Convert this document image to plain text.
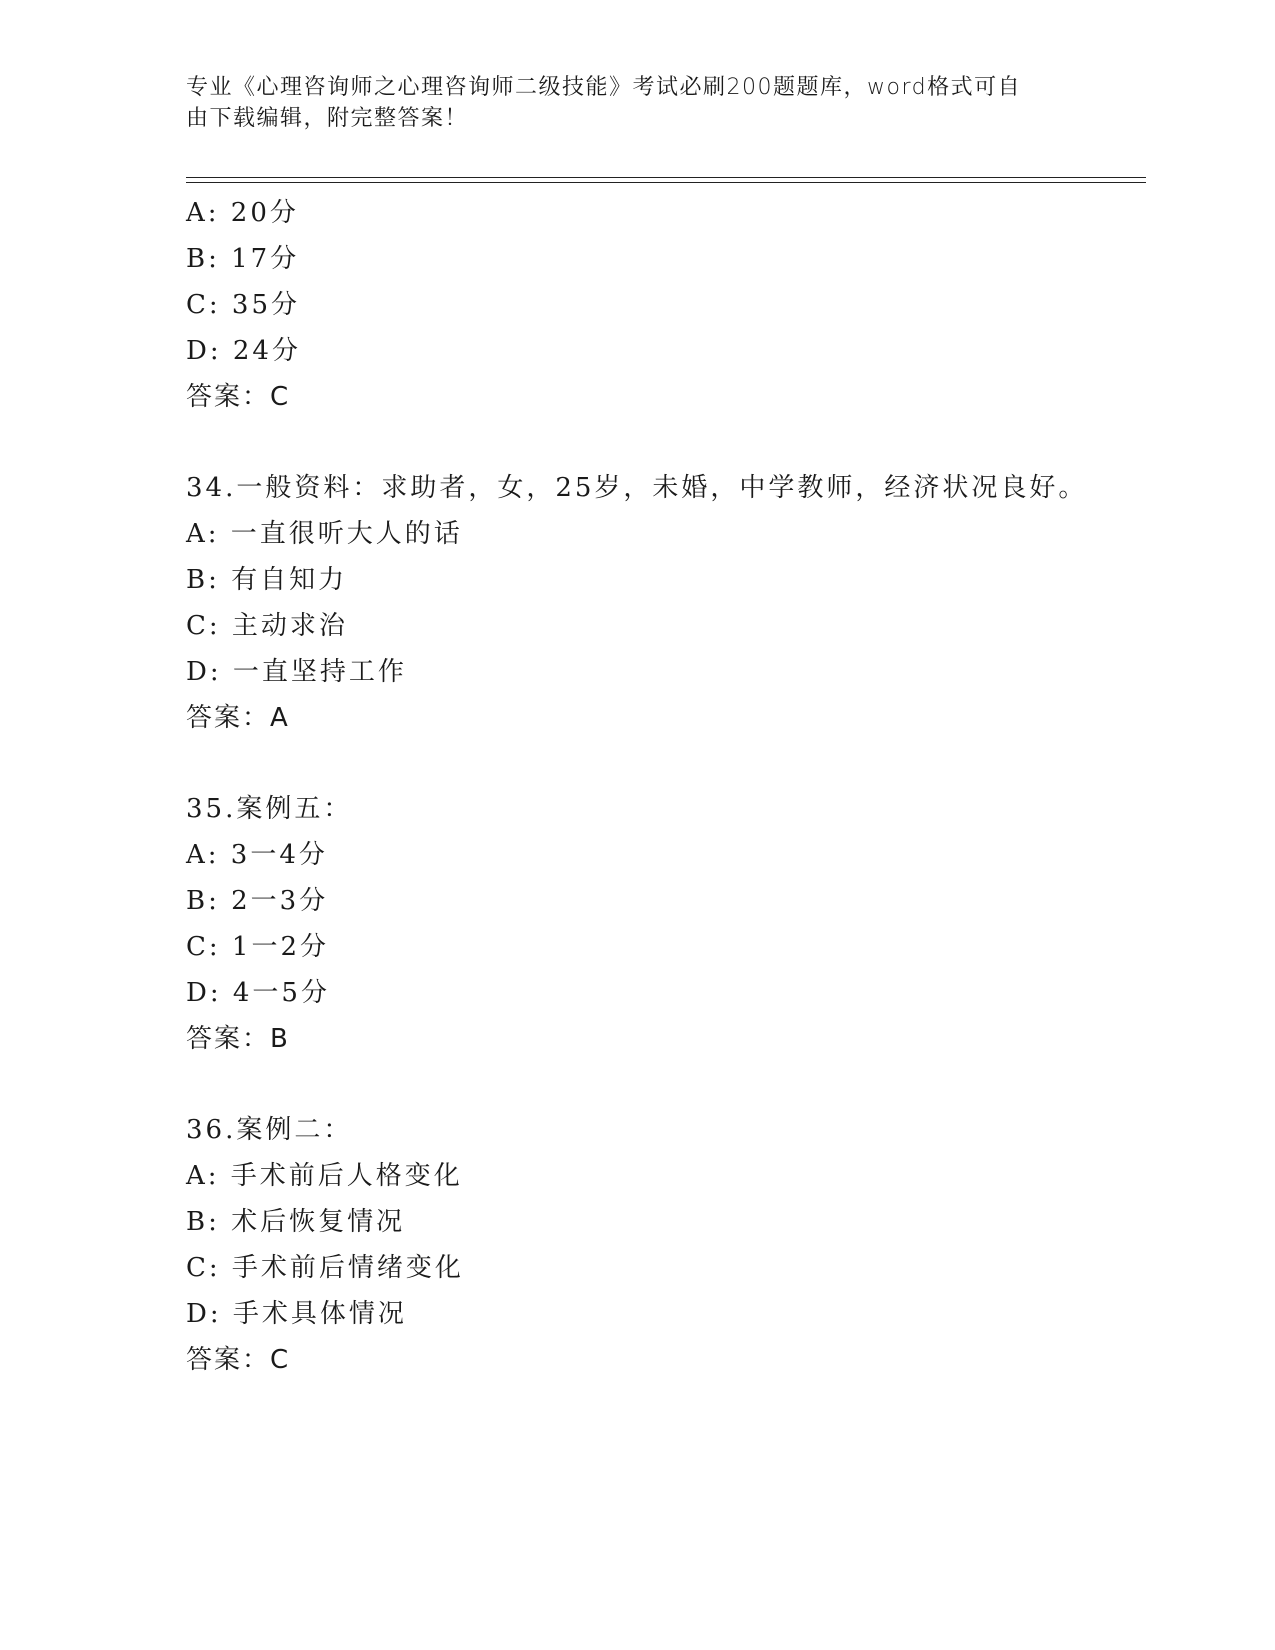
专业《心理咨询师之心理咨询师二级技能》考试必刷200题题库，word格式可自
由下载编辑，附完整答案！
A: 20分
B: 17分
C: 35分
D: 24分
答案：C
34.一般资料：求助者，女，25岁，未婚，中学教师，经济状况良好。
A: 一直很听大人的话
B: 有自知力
C: 主动求治
D: 一直坚持工作
答案：A
35.案例五：
A: 3一4分
B: 2一3分
C: 1一2分
D: 4一5分
答案：B
36.案例二：
A: 手术前后人格变化
B: 术后恢复情况
C: 手术前后情绪变化
D: 手术具体情况
答案：C
